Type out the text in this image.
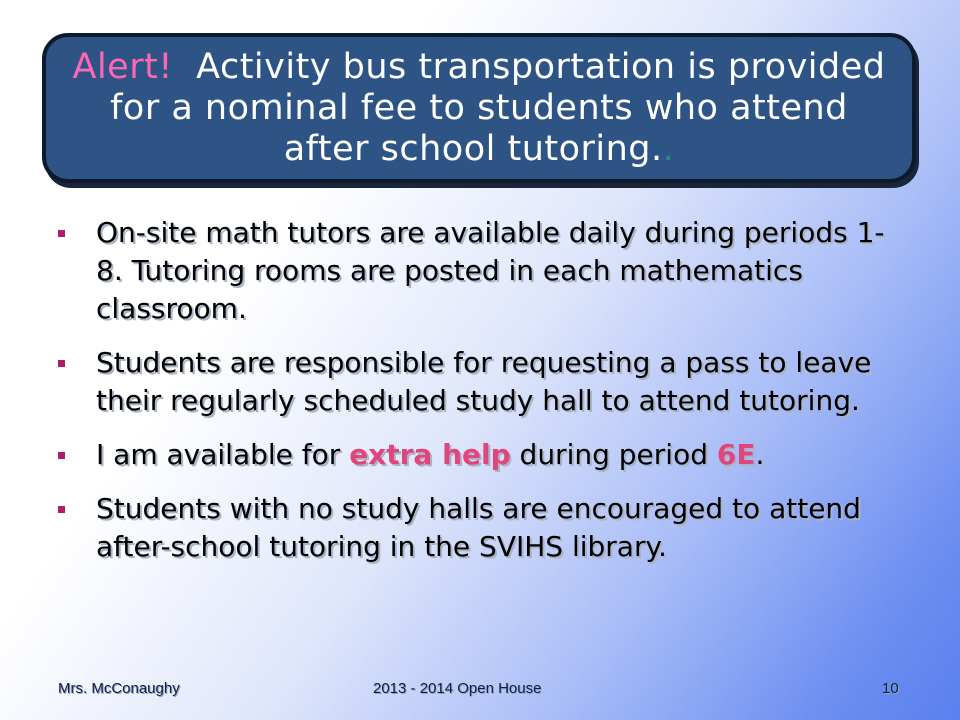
Alert! Activity bus transportation is provided for a nominal fee to students who attend after school tutoring..
On-site math tutors are available daily during periods 1-8. Tutoring rooms are posted in each mathematics classroom.
Students are responsible for requesting a pass to leave their regularly scheduled study hall to attend tutoring.
I am available for extra help during period 6E.
Students with no study halls are encouraged to attend after-school tutoring in the SVIHS library.
Mrs. McConaughy	2013 - 2014 Open House	10
